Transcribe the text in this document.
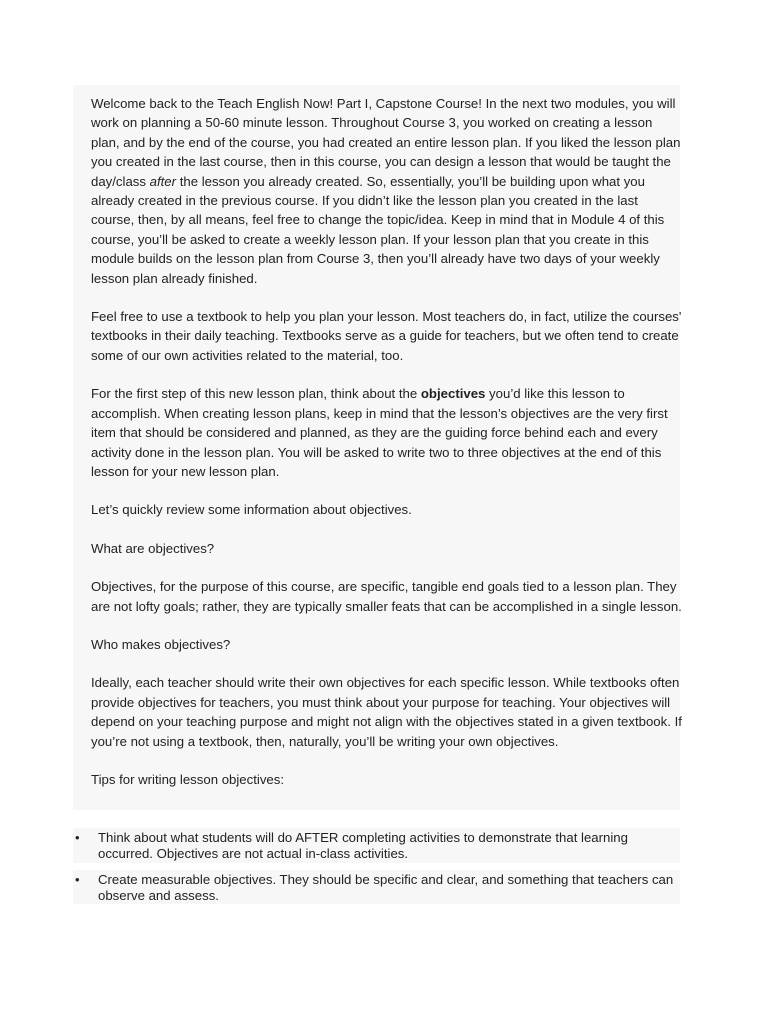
Welcome back to the Teach English Now! Part I, Capstone Course! In the next two modules, you will work on planning a 50-60 minute lesson. Throughout Course 3, you worked on creating a lesson plan, and by the end of the course, you had created an entire lesson plan. If you liked the lesson plan you created in the last course, then in this course, you can design a lesson that would be taught the day/class after the lesson you already created. So, essentially, you’ll be building upon what you already created in the previous course. If you didn’t like the lesson plan you created in the last course, then, by all means, feel free to change the topic/idea. Keep in mind that in Module 4 of this course, you’ll be asked to create a weekly lesson plan. If your lesson plan that you create in this module builds on the lesson plan from Course 3, then you’ll already have two days of your weekly lesson plan already finished.

Feel free to use a textbook to help you plan your lesson. Most teachers do, in fact, utilize the courses' textbooks in their daily teaching. Textbooks serve as a guide for teachers, but we often tend to create some of our own activities related to the material, too.

For the first step of this new lesson plan, think about the objectives you’d like this lesson to accomplish. When creating lesson plans, keep in mind that the lesson’s objectives are the very first item that should be considered and planned, as they are the guiding force behind each and every activity done in the lesson plan. You will be asked to write two to three objectives at the end of this lesson for your new lesson plan.

Let’s quickly review some information about objectives.

What are objectives?

Objectives, for the purpose of this course, are specific, tangible end goals tied to a lesson plan. They are not lofty goals; rather, they are typically smaller feats that can be accomplished in a single lesson.

Who makes objectives?

Ideally, each teacher should write their own objectives for each specific lesson. While textbooks often provide objectives for teachers, you must think about your purpose for teaching. Your objectives will depend on your teaching purpose and might not align with the objectives stated in a given textbook. If you’re not using a textbook, then, naturally, you’ll be writing your own objectives.

Tips for writing lesson objectives:

• Think about what students will do AFTER completing activities to demonstrate that learning occurred. Objectives are not actual in-class activities.
• Create measurable objectives. They should be specific and clear, and something that teachers can observe and assess.
